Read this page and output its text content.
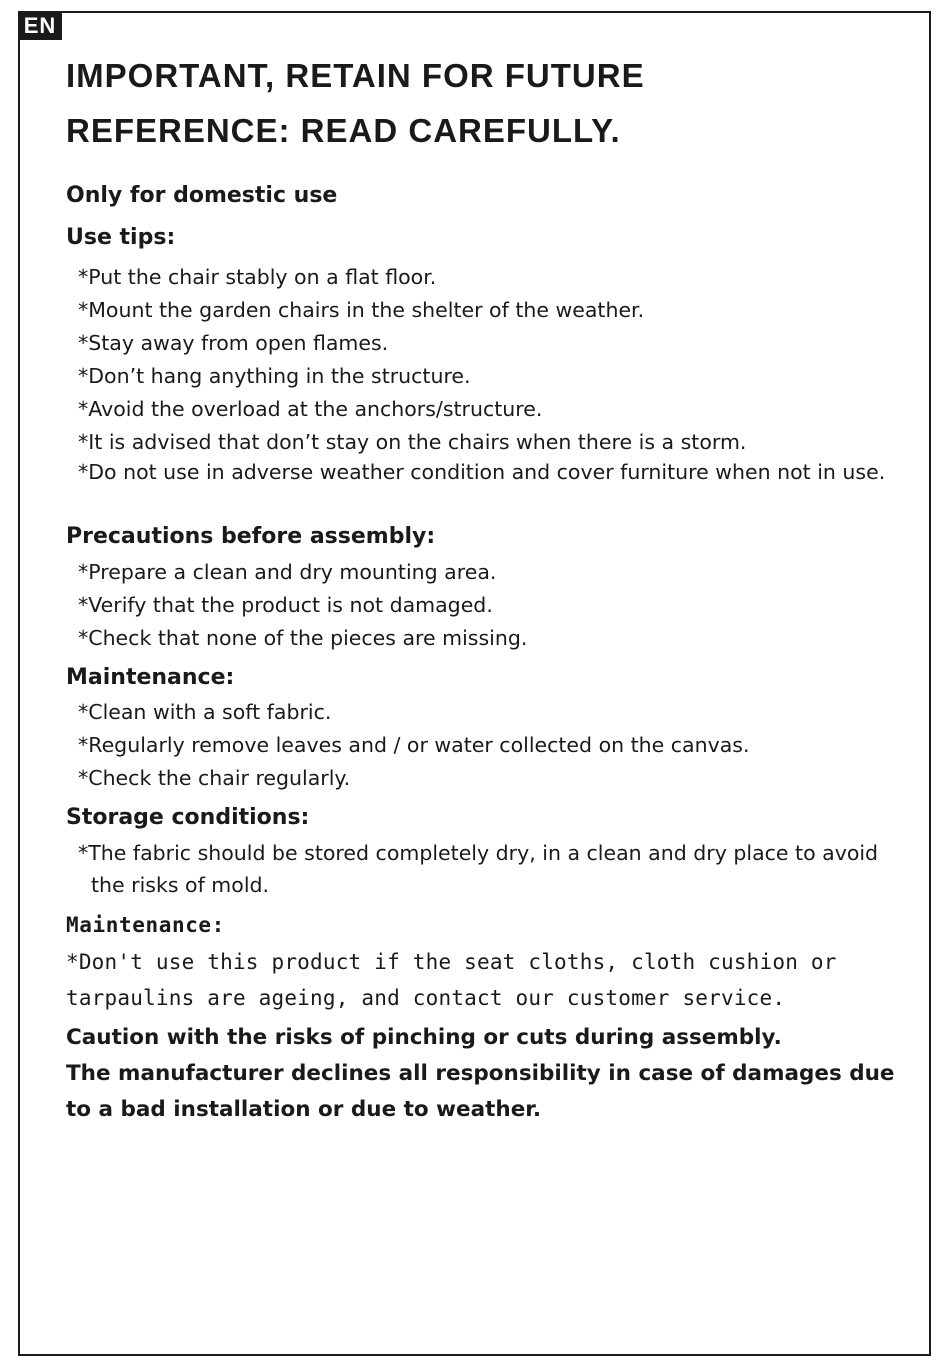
EN
IMPORTANT, RETAIN FOR FUTURE
REFERENCE: READ CAREFULLY.
Only for domestic use
Use tips:
*Put the chair stably on a flat floor.
*Mount the garden chairs in the shelter of the weather.
*Stay away from open flames.
*Don’t hang anything in the structure.
*Avoid the overload at the anchors/structure.
*It is advised that don’t stay on the chairs when there is a storm.
*Do not use in adverse weather condition and cover furniture when not in use.
Precautions before assembly:
*Prepare a clean and dry mounting area.
*Verify that the product is not damaged.
*Check that none of the pieces are missing.
Maintenance:
*Clean with a soft fabric.
*Regularly remove leaves and / or water collected on the canvas.
*Check the chair regularly.
Storage conditions:
*The fabric should be stored completely dry, in a clean and dry place to avoid the risks of mold.
Maintenance:

*Don't use this product if the seat cloths, cloth cushion or tarpaulins are ageing, and contact our customer service.

Caution with the risks of pinching or cuts during assembly.
The manufacturer declines all responsibility in case of damages due to a bad installation or due to weather.
